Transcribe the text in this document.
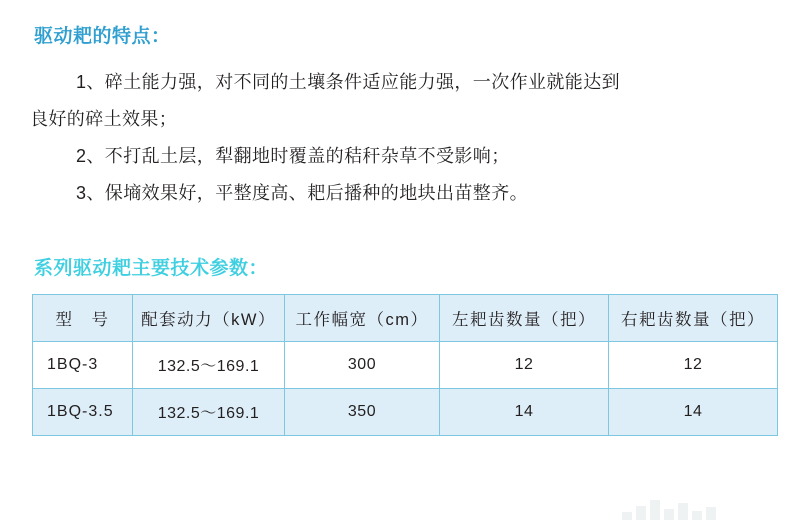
驱动耙的特点：
1、碎土能力强，对不同的土壤条件适应能力强，一次作业就能达到
良好的碎土效果；
2、不打乱土层，犁翻地时覆盖的秸秆杂草不受影响；
3、保墒效果好，平整度高、耙后播种的地块出苗整齐。
系列驱动耙主要技术参数：
型　号	配套动力（kW）	工作幅宽（cm）	左耙齿数量（把）	右耙齿数量（把）
1BQ-3	132.5～169.1	300	12	12
1BQ-3.5	132.5～169.1	350	14	14
